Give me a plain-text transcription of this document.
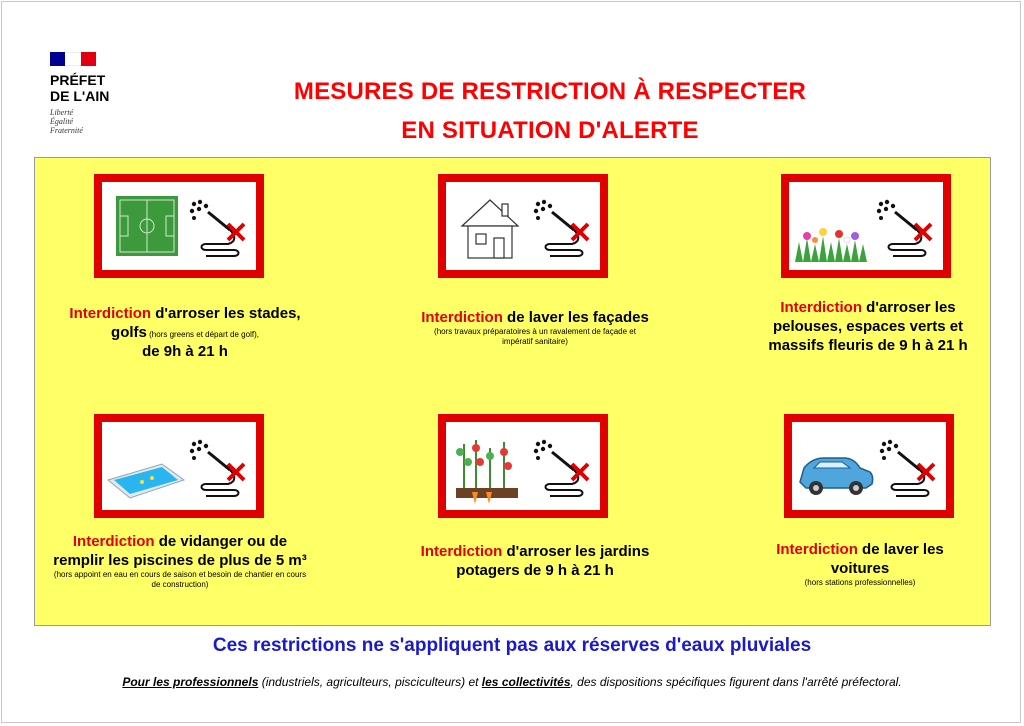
PRÉFET
DE L'AIN
Liberté
Égalité
Fraternité
MESURES DE RESTRICTION À RESPECTER
EN SITUATION D'ALERTE
Interdiction d'arroser les stades, golfs (hors greens et départ de golf),
de 9h à 21 h
Interdiction de laver les façades
(hors travaux préparatoires à un ravalement de façade et impératif sanitaire)
Interdiction d'arroser les pelouses, espaces verts et massifs fleuris de 9 h à 21 h
Interdiction de vidanger ou de remplir les piscines de plus de 5 m³
(hors appoint en eau en cours de saison et besoin de chantier en cours de construction)
Interdiction d'arroser les jardins potagers de 9 h à 21 h
Interdiction de laver les voitures
(hors stations professionnelles)
Ces restrictions ne s'appliquent pas aux réserves d'eaux pluviales
Pour les professionnels (industriels, agriculteurs, pisciculteurs) et les collectivités, des dispositions spécifiques figurent dans l'arrêté préfectoral.
